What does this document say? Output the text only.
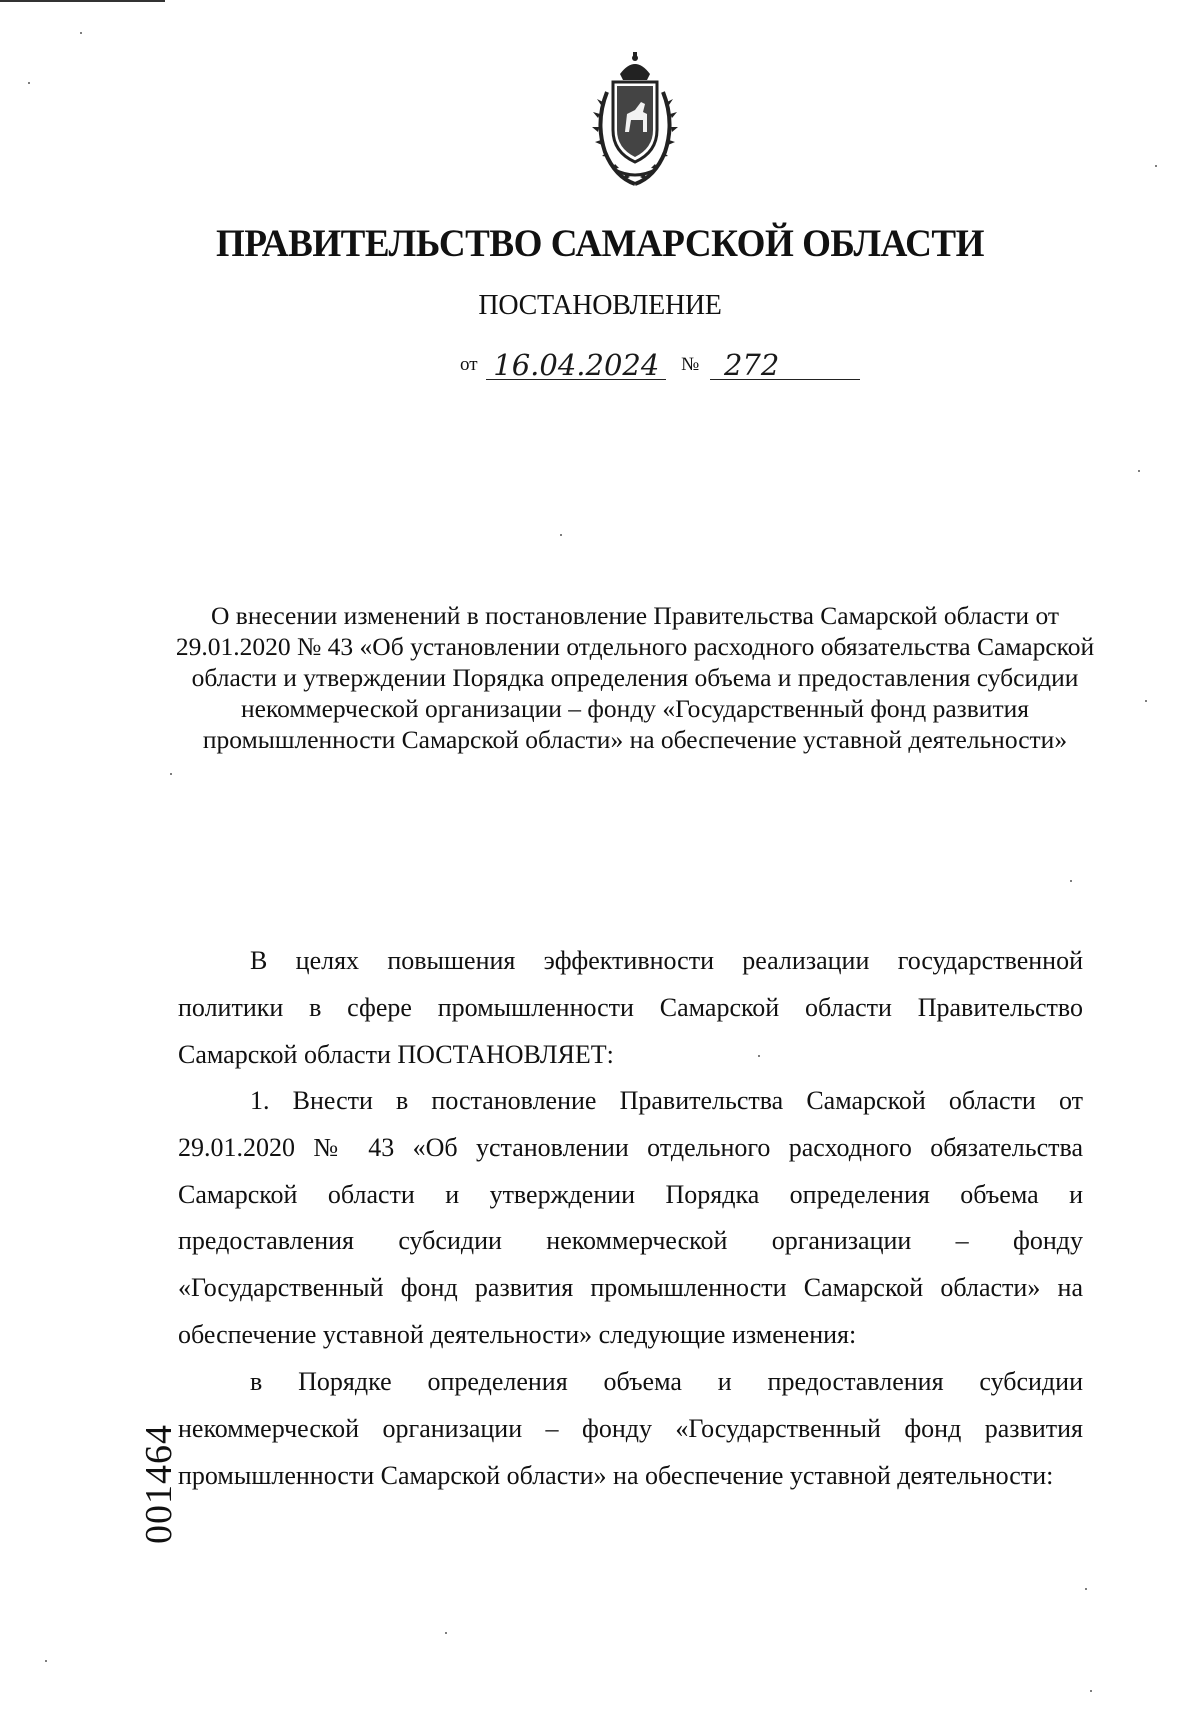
ПРАВИТЕЛЬСТВО САМАРСКОЙ ОБЛАСТИ
ПОСТАНОВЛЕНИЕ
от 16.04.2024 № 272
О внесении изменений в постановление Правительства Самарской области от 29.01.2020 № 43 «Об установлении отдельного расходного обязательства Самарской области и утверждении Порядка определения объема и предоставления субсидии некоммерческой организации – фонду «Государственный фонд развития промышленности Самарской области» на обеспечение уставной деятельности»

В целях повышения эффективности реализации государственной политики в сфере промышленности Самарской области Правительство Самарской области ПОСТАНОВЛЯЕТ:

1. Внести в постановление Правительства Самарской области от 29.01.2020 № 43 «Об установлении отдельного расходного обязательства Самарской области и утверждении Порядка определения объема и предоставления субсидии некоммерческой организации – фонду «Государственный фонд развития промышленности Самарской области» на обеспечение уставной деятельности» следующие изменения:

в Порядке определения объема и предоставления субсидии некоммерческой организации – фонду «Государственный фонд развития промышленности Самарской области» на обеспечение уставной деятельности:

001464
